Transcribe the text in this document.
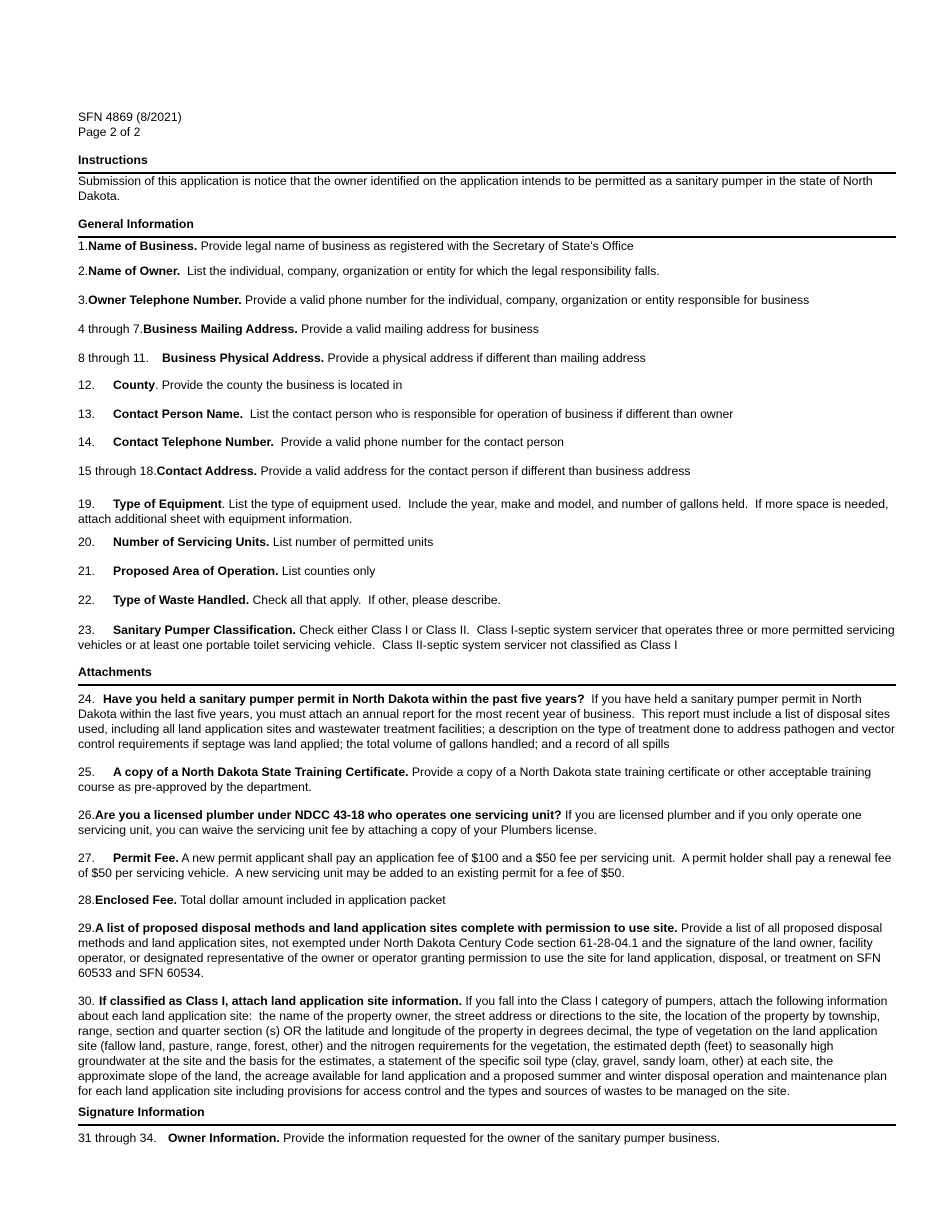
SFN 4869 (8/2021)
Page 2 of 2
Instructions
Submission of this application is notice that the owner identified on the application intends to be permitted as a sanitary pumper in the state of North Dakota.
General Information
1.Name of Business. Provide legal name of business as registered with the Secretary of State’s Office
2.Name of Owner.  List the individual, company, organization or entity for which the legal responsibility falls.
3.Owner Telephone Number. Provide a valid phone number for the individual, company, organization or entity responsible for business
4 through 7.Business Mailing Address. Provide a valid mailing address for business
8 through 11. Business Physical Address. Provide a physical address if different than mailing address
12. County. Provide the county the business is located in
13. Contact Person Name.  List the contact person who is responsible for operation of business if different than owner
14. Contact Telephone Number.  Provide a valid phone number for the contact person
15 through 18.Contact Address. Provide a valid address for the contact person if different than business address
19. Type of Equipment. List the type of equipment used.  Include the year, make and model, and number of gallons held.  If more space is needed, attach additional sheet with equipment information.
20. Number of Servicing Units. List number of permitted units
21. Proposed Area of Operation. List counties only
22. Type of Waste Handled. Check all that apply.  If other, please describe.
23. Sanitary Pumper Classification. Check either Class I or Class II.  Class I-septic system servicer that operates three or more permitted servicing vehicles or at least one portable toilet servicing vehicle.  Class II-septic system servicer not classified as Class I
Attachments
24. Have you held a sanitary pumper permit in North Dakota within the past five years?  If you have held a sanitary pumper permit in North Dakota within the last five years, you must attach an annual report for the most recent year of business.  This report must include a list of disposal sites used, including all land application sites and wastewater treatment facilities; a description on the type of treatment done to address pathogen and vector control requirements if septage was land applied; the total volume of gallons handled; and a record of all spills
25. A copy of a North Dakota State Training Certificate. Provide a copy of a North Dakota state training certificate or other acceptable training course as pre-approved by the department.
26.Are you a licensed plumber under NDCC 43-18 who operates one servicing unit? If you are licensed plumber and if you only operate one servicing unit, you can waive the servicing unit fee by attaching a copy of your Plumbers license.
27. Permit Fee. A new permit applicant shall pay an application fee of $100 and a $50 fee per servicing unit.  A permit holder shall pay a renewal fee of $50 per servicing vehicle.  A new servicing unit may be added to an existing permit for a fee of $50.
28.Enclosed Fee. Total dollar amount included in application packet
29.A list of proposed disposal methods and land application sites complete with permission to use site. Provide a list of all proposed disposal methods and land application sites, not exempted under North Dakota Century Code section 61-28-04.1 and the signature of the land owner, facility operator, or designated representative of the owner or operator granting permission to use the site for land application, disposal, or treatment on SFN 60533 and SFN 60534.
30. If classified as Class I, attach land application site information. If you fall into the Class I category of pumpers, attach the following information about each land application site:  the name of the property owner, the street address or directions to the site, the location of the property by township, range, section and quarter section (s) OR the latitude and longitude of the property in degrees decimal, the type of vegetation on the land application site (fallow land, pasture, range, forest, other) and the nitrogen requirements for the vegetation, the estimated depth (feet) to seasonally high groundwater at the site and the basis for the estimates, a statement of the specific soil type (clay, gravel, sandy loam, other) at each site, the approximate slope of the land, the acreage available for land application and a proposed summer and winter disposal operation and maintenance plan for each land application site including provisions for access control and the types and sources of wastes to be managed on the site.
Signature Information
31 through 34. Owner Information. Provide the information requested for the owner of the sanitary pumper business.
